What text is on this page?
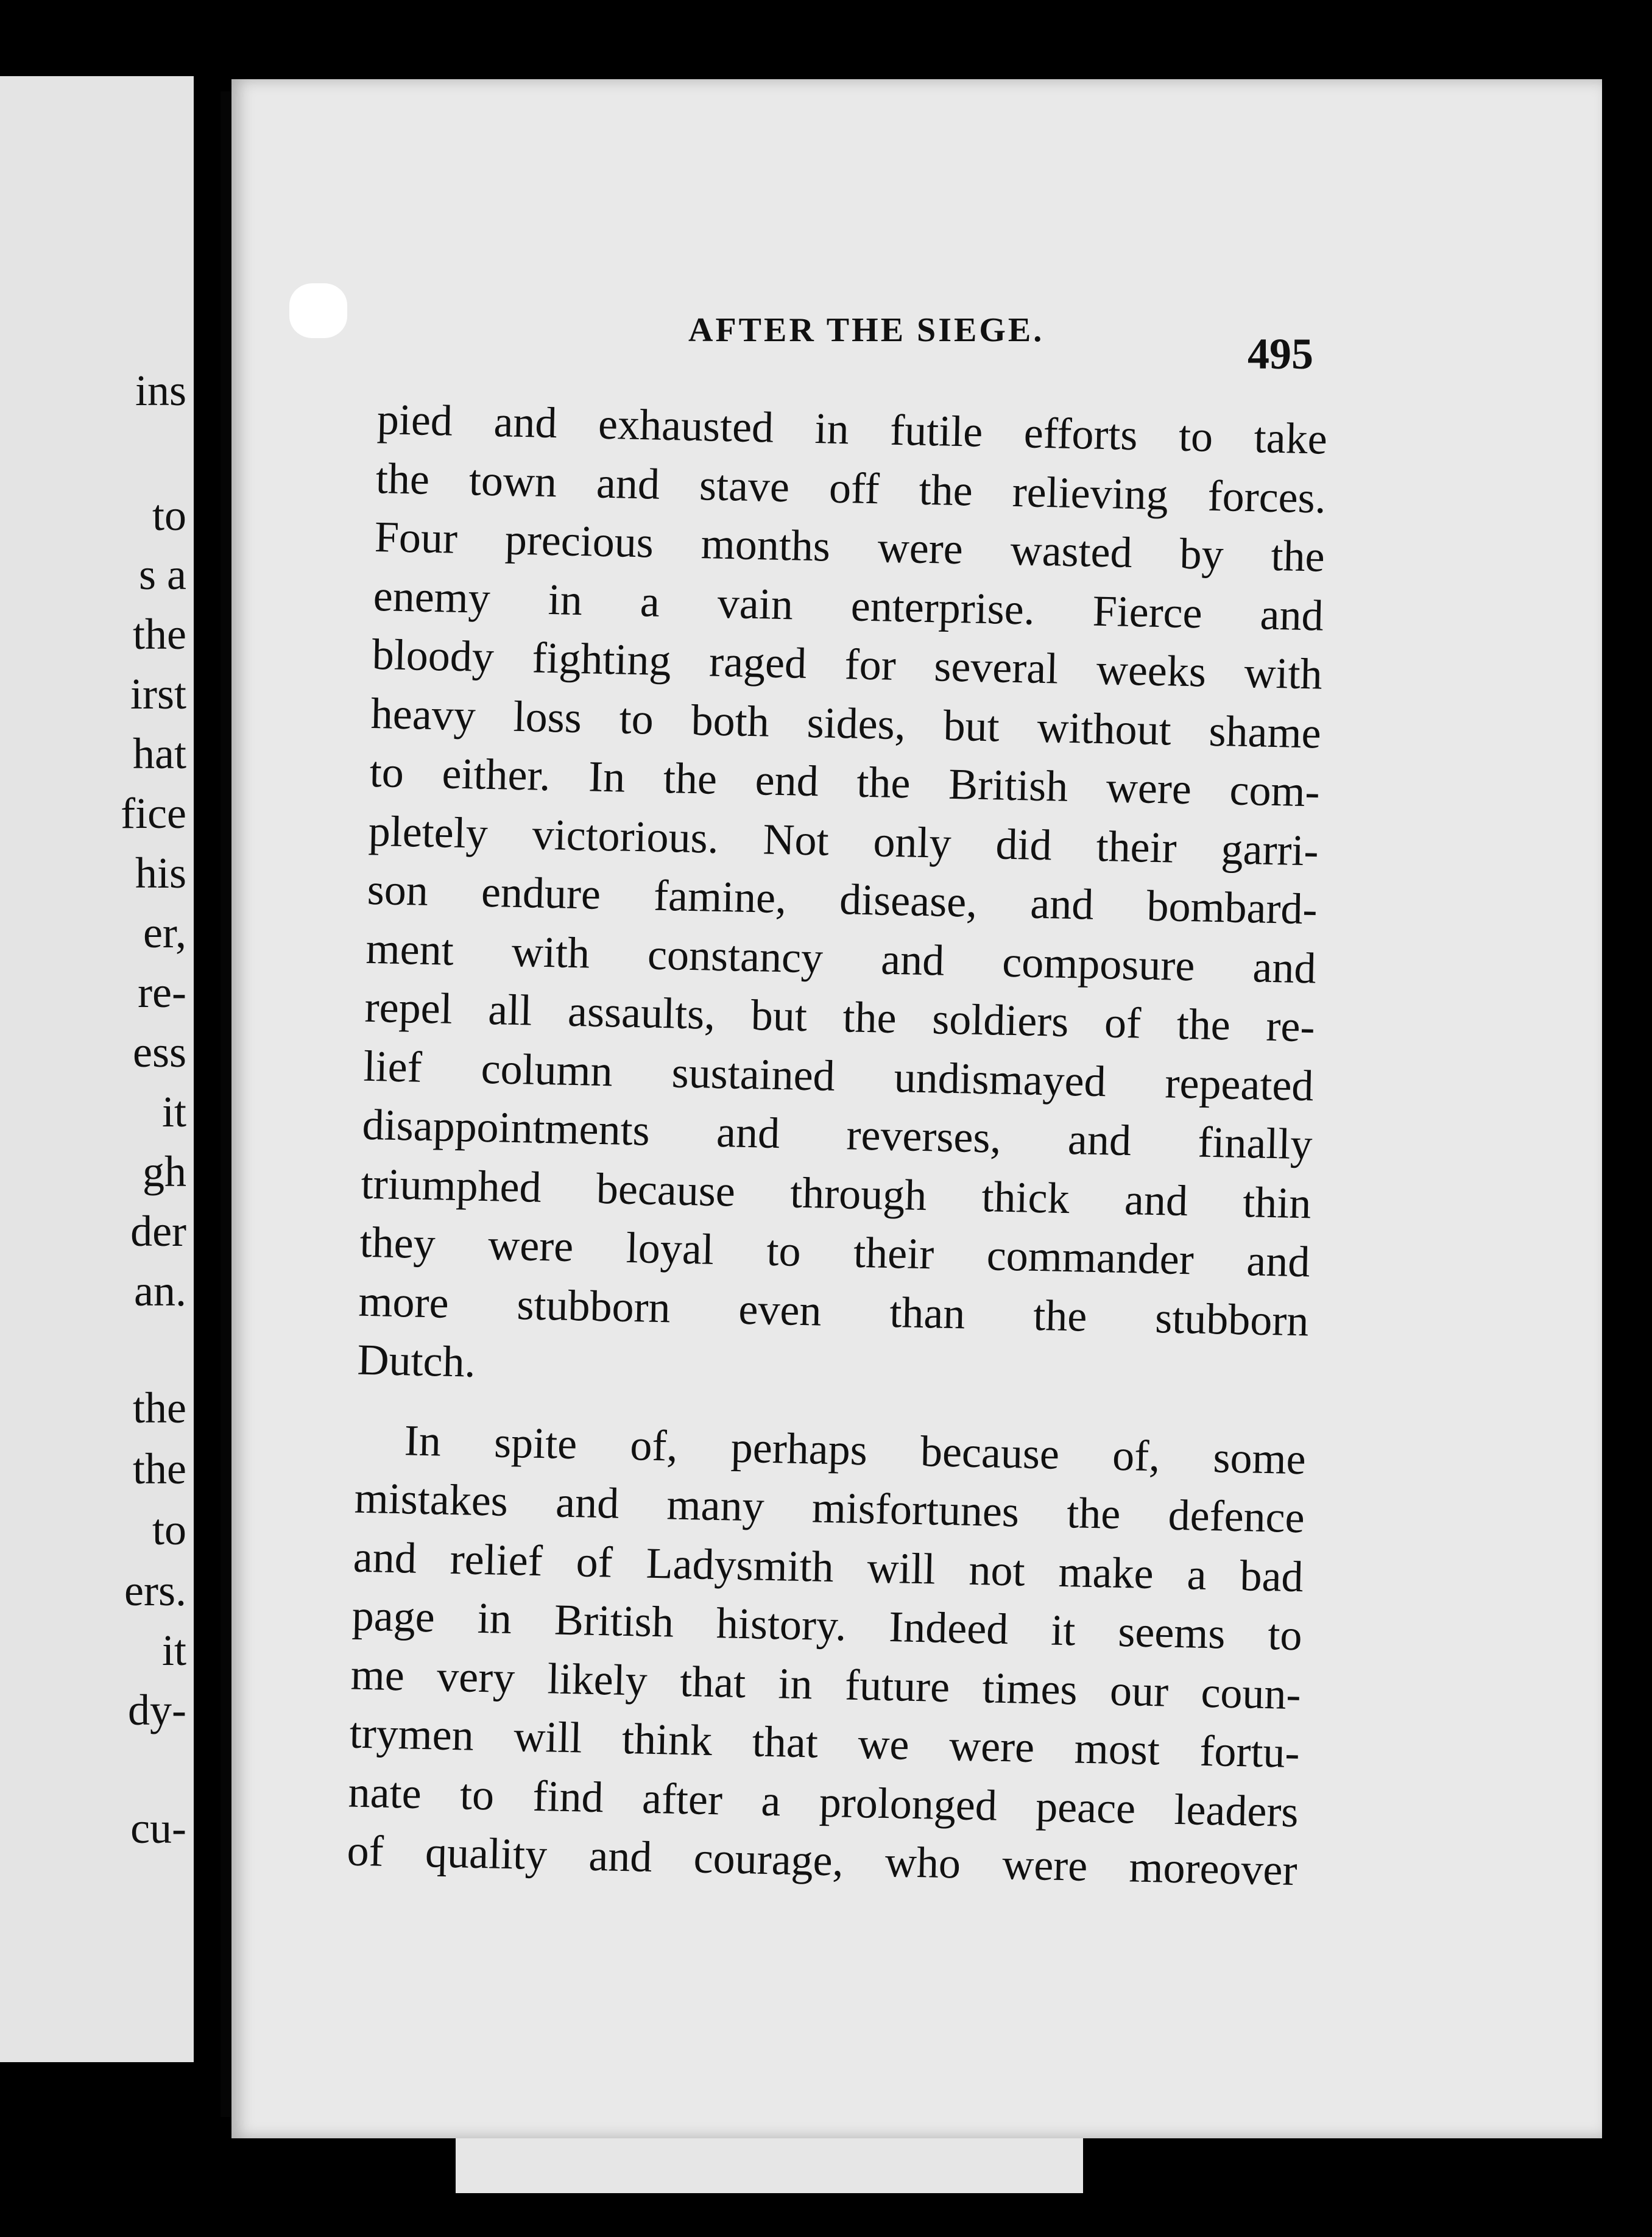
ins
to
s a
the
irst
hat
fice
his
er,
re-
ess
it
gh
der
an.
the
the
to
ers.
it
dy-
cu-
AFTER THE SIEGE.	495

pied and exhausted in futile efforts to take
the town and stave off the relieving forces.
Four precious months were wasted by the
enemy in a vain enterprise. Fierce and
bloody fighting raged for several weeks with
heavy loss to both sides, but without shame
to either. In the end the British were com-
pletely victorious. Not only did their garri-
son endure famine, disease, and bombard-
ment with constancy and composure and
repel all assaults, but the soldiers of the re-
lief column sustained undismayed repeated
disappointments and reverses, and finally
triumphed because through thick and thin
they were loyal to their commander and
more stubborn even than the stubborn
Dutch.

In spite of, perhaps because of, some
mistakes and many misfortunes the defence
and relief of Ladysmith will not make a bad
page in British history. Indeed it seems to
me very likely that in future times our coun-
trymen will think that we were most fortu-
nate to find after a prolonged peace leaders
of quality and courage, who were moreover
